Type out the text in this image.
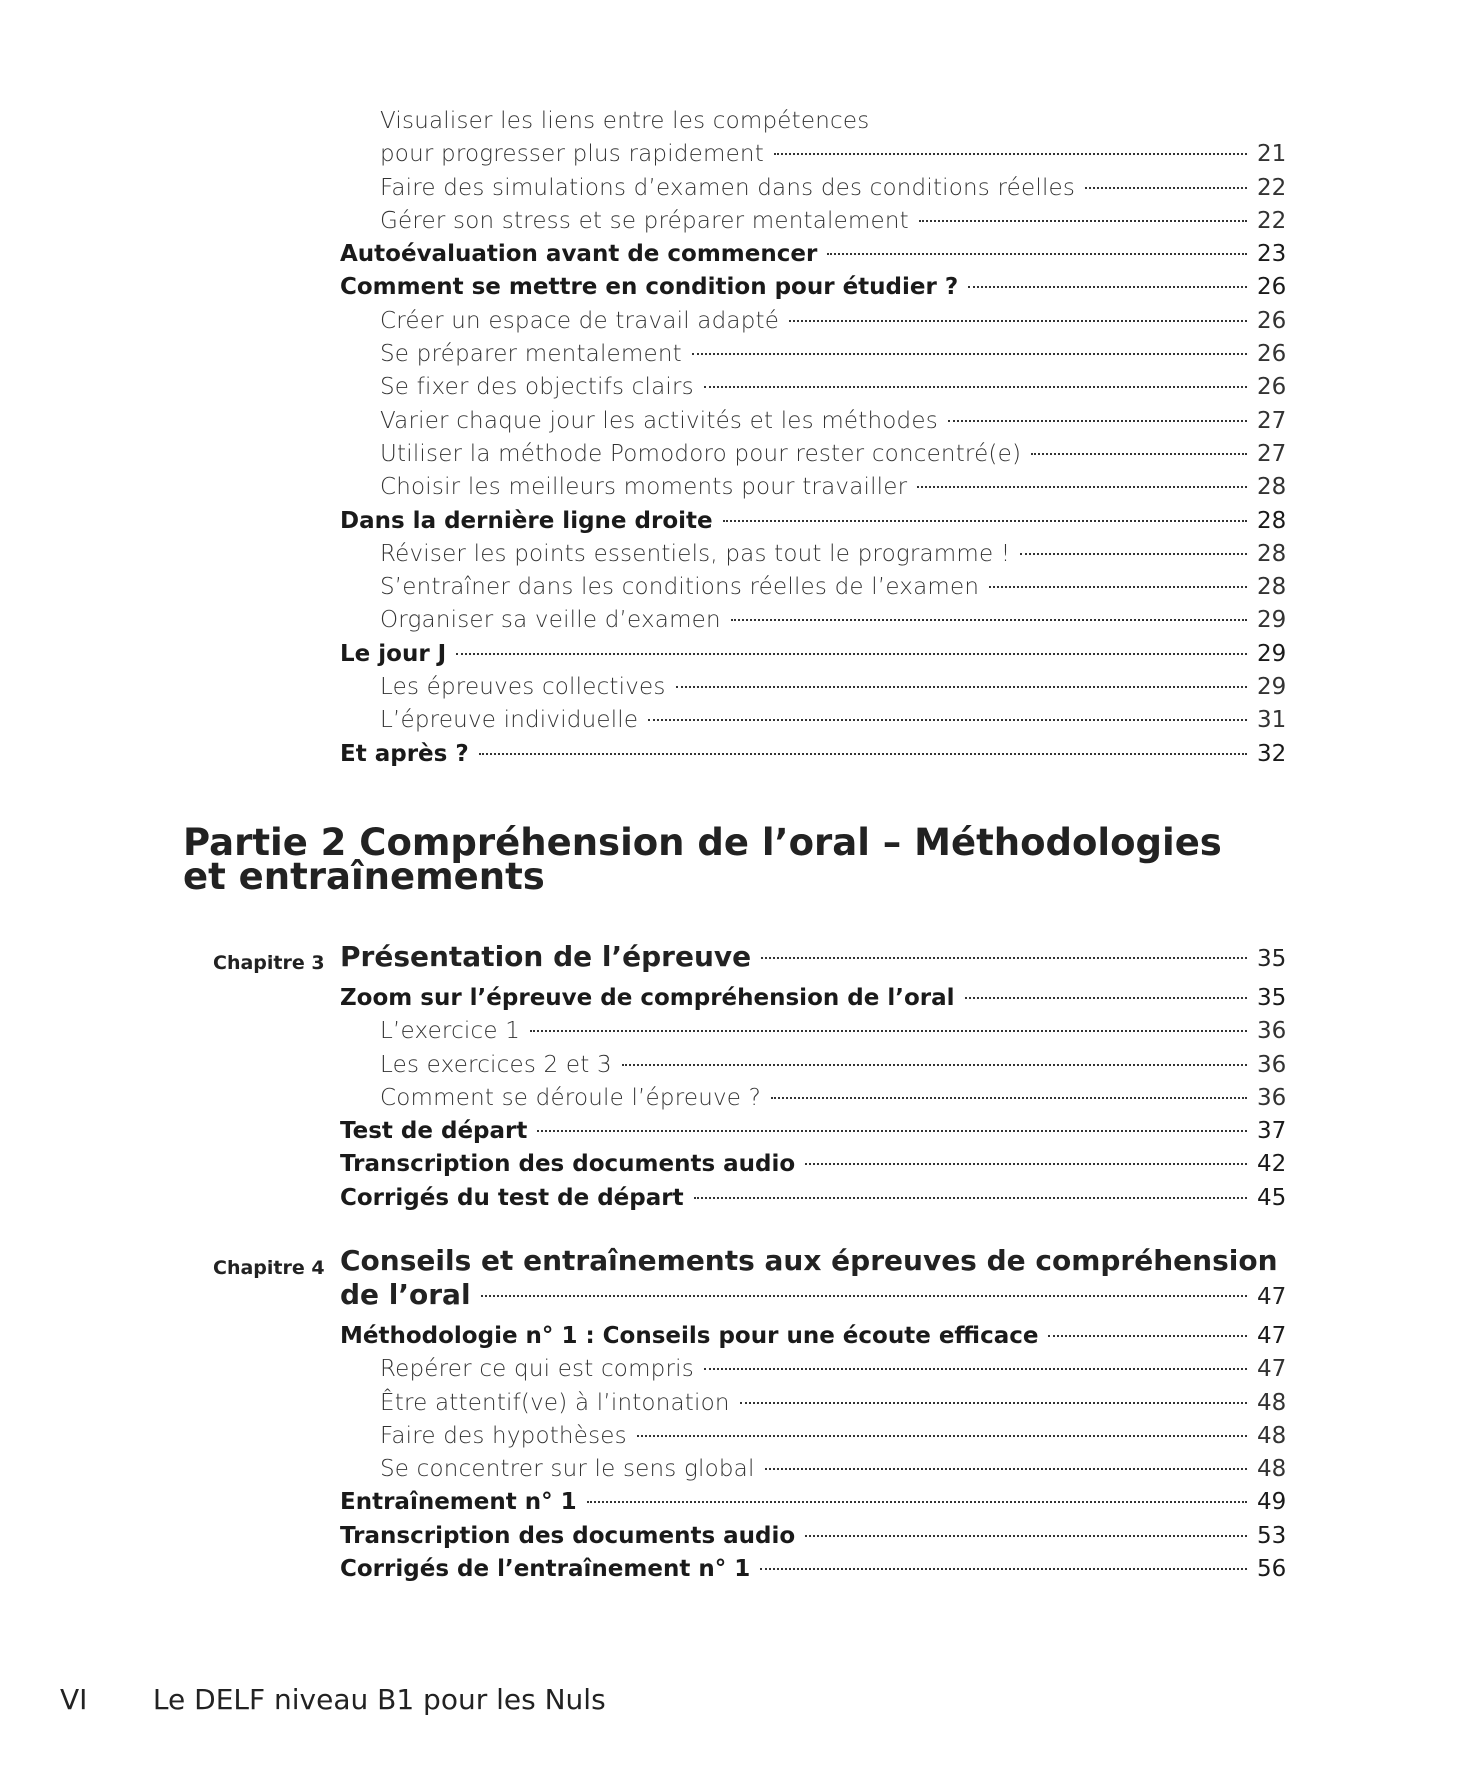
Visualiser les liens entre les compétences
pour progresser plus rapidement	21
Faire des simulations d’examen dans des conditions réelles	22
Gérer son stress et se préparer mentalement	22
Autoévaluation avant de commencer	23
Comment se mettre en condition pour étudier ?	26
Créer un espace de travail adapté	26
Se préparer mentalement	26
Se fixer des objectifs clairs	26
Varier chaque jour les activités et les méthodes	27
Utiliser la méthode Pomodoro pour rester concentré(e)	27
Choisir les meilleurs moments pour travailler	28
Dans la dernière ligne droite	28
Réviser les points essentiels, pas tout le programme !	28
S’entraîner dans les conditions réelles de l’examen	28
Organiser sa veille d’examen	29
Le jour J	29
Les épreuves collectives	29
L’épreuve individuelle	31
Et après ?	32
Partie 2 Compréhension de l’oral – Méthodologies
et entraînements
Chapitre 3 Présentation de l’épreuve	35
Zoom sur l’épreuve de compréhension de l’oral	35
L’exercice 1	36
Les exercices 2 et 3	36
Comment se déroule l’épreuve ?	36
Test de départ	37
Transcription des documents audio	42
Corrigés du test de départ	45
Chapitre 4 Conseils et entraînements aux épreuves de compréhension
de l’oral	47
Méthodologie n° 1 : Conseils pour une écoute efficace	47
Repérer ce qui est compris	47
Être attentif(ve) à l’intonation	48
Faire des hypothèses	48
Se concentrer sur le sens global	48
Entraînement n° 1	49
Transcription des documents audio	53
Corrigés de l’entraînement n° 1	56
VI Le DELF niveau B1 pour les Nuls
